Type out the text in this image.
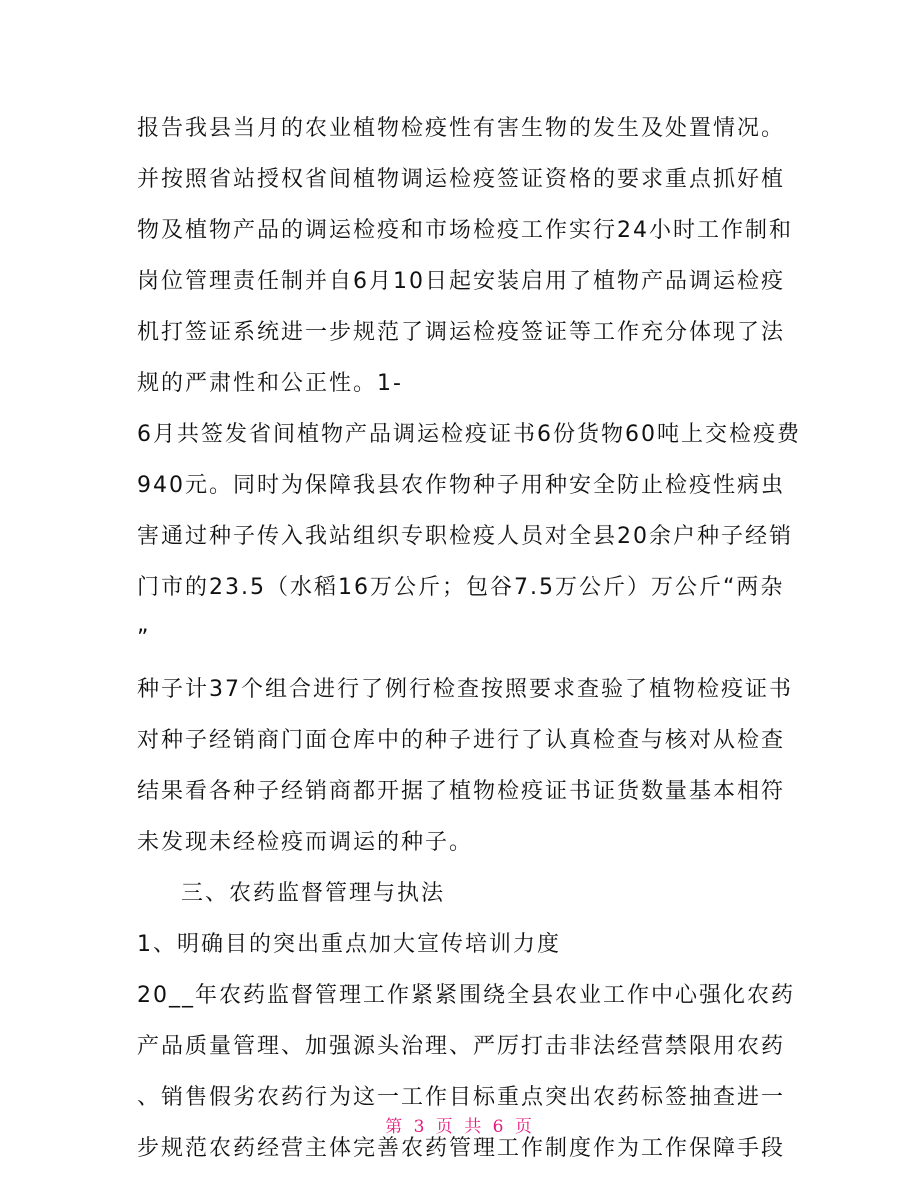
报告我县当月的农业植物检疫性有害生物的发生及处置情况。
并按照省站授权省间植物调运检疫签证资格的要求重点抓好植
物及植物产品的调运检疫和市场检疫工作实行24小时工作制和
岗位管理责任制并自6月10日起安装启用了植物产品调运检疫
机打签证系统进一步规范了调运检疫签证等工作充分体现了法
规的严肃性和公正性。1-
6月共签发省间植物产品调运检疫证书6份货物60吨上交检疫费
940元。同时为保障我县农作物种子用种安全防止检疫性病虫
害通过种子传入我站组织专职检疫人员对全县20余户种子经销
门市的23.5（水稻16万公斤；包谷7.5万公斤）万公斤“两杂
”
种子计37个组合进行了例行检查按照要求查验了植物检疫证书
对种子经销商门面仓库中的种子进行了认真检查与核对从检查
结果看各种子经销商都开据了植物检疫证书证货数量基本相符
未发现未经检疫而调运的种子。
三、农药监督管理与执法
1、明确目的突出重点加大宣传培训力度
20__年农药监督管理工作紧紧围绕全县农业工作中心强化农药
产品质量管理、加强源头治理、严厉打击非法经营禁限用农药
、销售假劣农药行为这一工作目标重点突出农药标签抽查进一
步规范农药经营主体完善农药管理工作制度作为工作保障手段
第 3 页 共 6 页
